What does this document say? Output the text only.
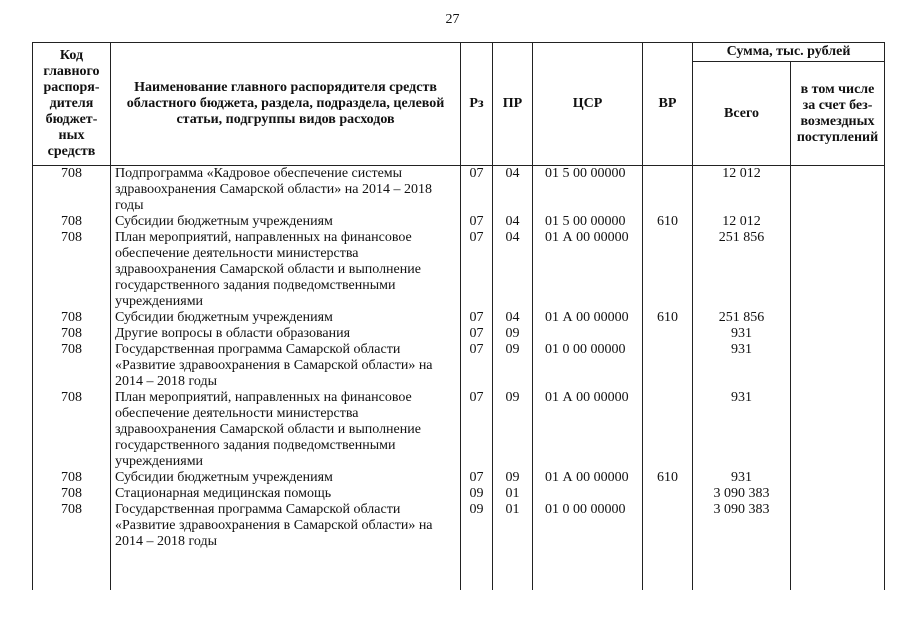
27
Код главного распорядителя бюджетных средств	Наименование главного распорядителя средств областного бюджета, раздела, подраздела, целевой статьи, подгруппы видов расходов	Рз	ПР	ЦСР	ВР	Сумма, тыс. рублей	
						Всего	в том числе за счет безвозмездных поступлений
708	Подпрограмма «Кадровое обеспечение системы здравоохранения Самарской области» на 2014 – 2018 годы	07	04	01 5 00 00000		12 012	
708	Субсидии бюджетным учреждениям	07	04	01 5 00 00000	610	12 012	
708	План мероприятий, направленных на финансовое обеспечение деятельности министерства здравоохранения Самарской области и выполнение государственного задания подведомственными учреждениями	07	04	01 А 00 00000		251 856	
708	Субсидии бюджетным учреждениям	07	04	01 А 00 00000	610	251 856	
708	Другие вопросы в области образования	07	09			931	
708	Государственная программа Самарской области «Развитие здравоохранения в Самарской области» на 2014 – 2018 годы	07	09	01 0 00 00000		931	
708	План мероприятий, направленных на финансовое обеспечение деятельности министерства здравоохранения Самарской области и выполнение государственного задания подведомственными учреждениями	07	09	01 А 00 00000		931	
708	Субсидии бюджетным учреждениям	07	09	01 А 00 00000	610	931	
708	Стационарная медицинская помощь	09	01			3 090 383	
708	Государственная программа Самарской области «Развитие здравоохранения в Самарской области» на 2014 – 2018 годы	09	01	01 0 00 00000		3 090 383	
